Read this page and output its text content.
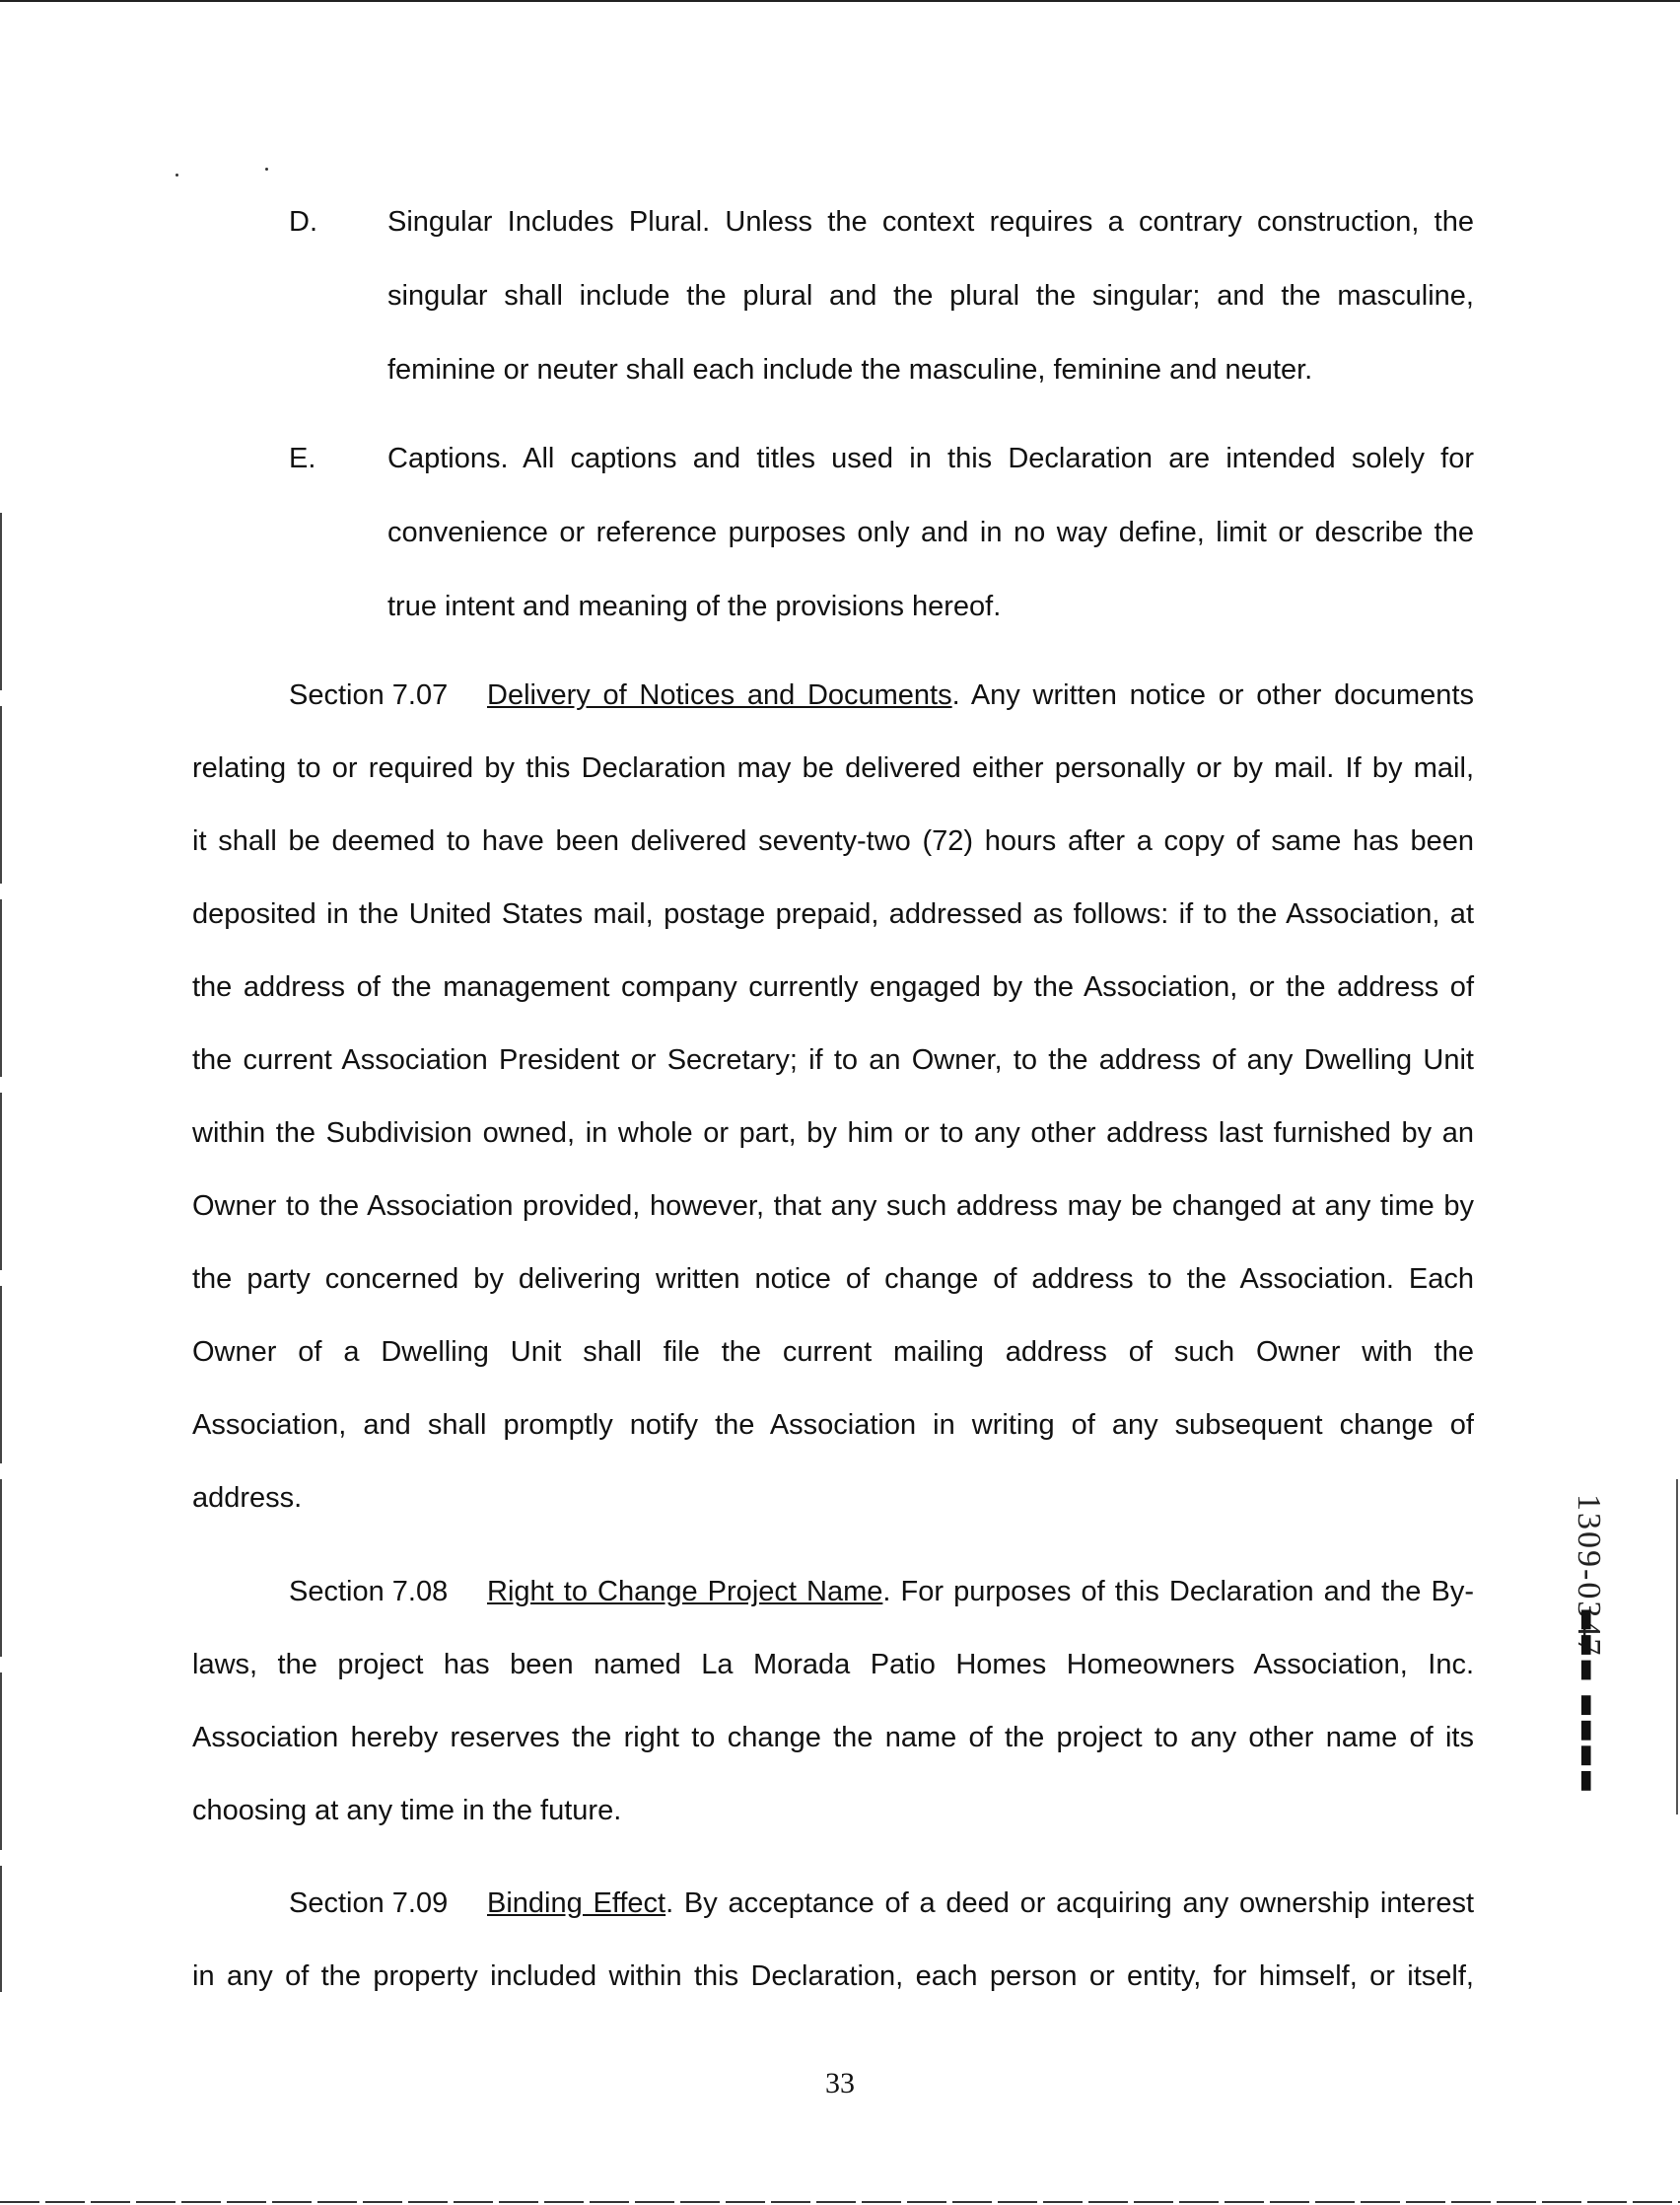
D. Singular Includes Plural. Unless the context requires a contrary construction, the
singular shall include the plural and the plural the singular; and the masculine,
feminine or neuter shall each include the masculine, feminine and neuter.
E.	Captions. All captions and titles used in this Declaration are intended solely for
convenience or reference purposes only and in no way define, limit or describe the
true intent and meaning of the provisions hereof.
Section 7.07 Delivery of Notices and Documents. Any written notice or other documents
relating to or required by this Declaration may be delivered either personally or by mail. If by mail,
it shall be deemed to have been delivered seventy-two (72) hours after a copy of same has been
deposited in the United States mail, postage prepaid, addressed as follows: if to the Association, at
the address of the management company currently engaged by the Association, or the address of
the current Association President or Secretary; if to an Owner, to the address of any Dwelling Unit
within the Subdivision owned, in whole or part, by him or to any other address last furnished by an
Owner to the Association provided, however, that any such address may be changed at any time by
the party concerned by delivering written notice of change of address to the Association. Each
Owner of a Dwelling Unit shall file the current mailing address of such Owner with the
Association, and shall promptly notify the Association in writing of any subsequent change of
address.
Section 7.08 Right to Change Project Name. For purposes of this Declaration and the By-
laws, the project has been named La Morada Patio Homes Homeowners Association, Inc.
Association hereby reserves the right to change the name of the project to any other name of its
choosing at any time in the future.
Section 7.09 Binding Effect. By acceptance of a deed or acquiring any ownership interest
in any of the property included within this Declaration, each person or entity, for himself, or itself,
33
1309-0347
▬▬▬ ▬▬▬▬
